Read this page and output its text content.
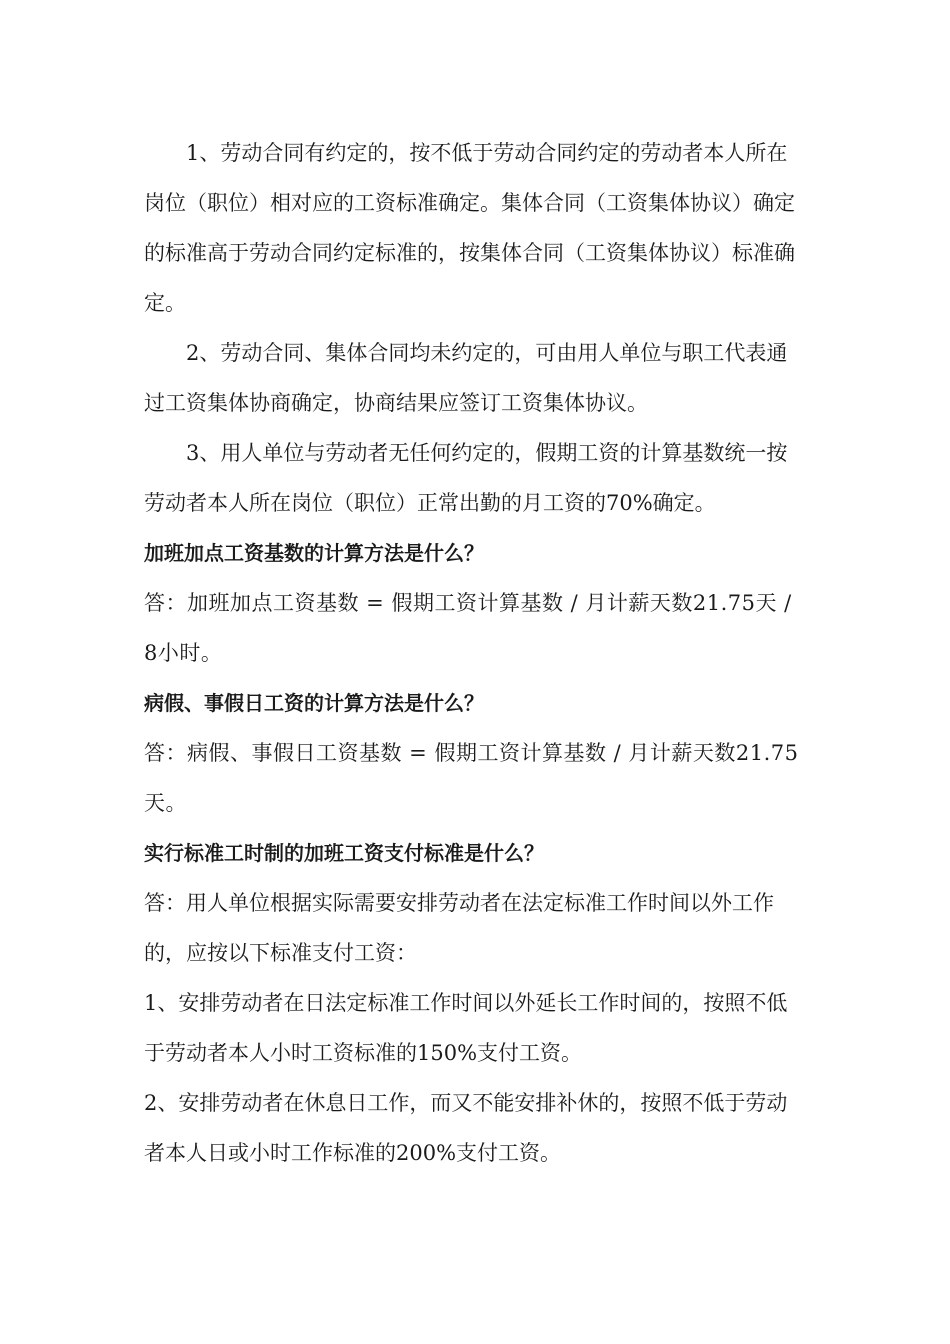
1、劳动合同有约定的，按不低于劳动合同约定的劳动者本人所在岗位（职位）相对应的工资标准确定。集体合同（工资集体协议）确定的标准高于劳动合同约定标准的，按集体合同（工资集体协议）标准确定。

2、劳动合同、集体合同均未约定的，可由用人单位与职工代表通过工资集体协商确定，协商结果应签订工资集体协议。

3、用人单位与劳动者无任何约定的，假期工资的计算基数统一按劳动者本人所在岗位（职位）正常出勤的月工资的70%确定。

加班加点工资基数的计算方法是什么？

答：加班加点工资基数 = 假期工资计算基数 / 月计薪天数21.75天 / 8小时。

病假、事假日工资的计算方法是什么？

答：病假、事假日工资基数 = 假期工资计算基数 / 月计薪天数21.75 天。

实行标准工时制的加班工资支付标准是什么？

答：用人单位根据实际需要安排劳动者在法定标准工作时间以外工作的，应按以下标准支付工资：

1、安排劳动者在日法定标准工作时间以外延长工作时间的，按照不低于劳动者本人小时工资标准的150%支付工资。

2、安排劳动者在休息日工作，而又不能安排补休的，按照不低于劳动者本人日或小时工作标准的200%支付工资。
